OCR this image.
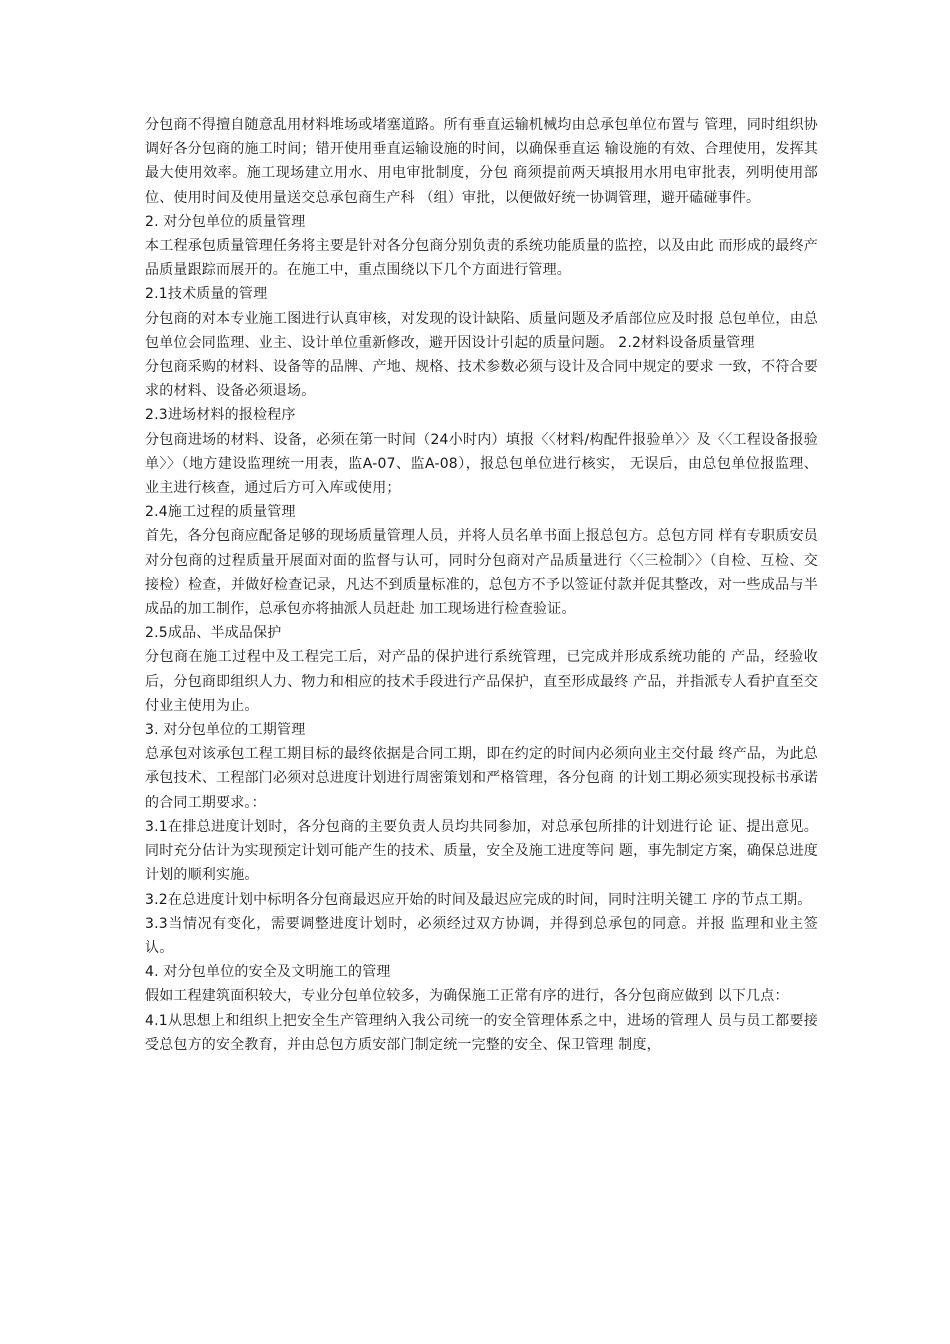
分包商不得擅自随意乱用材料堆场或堵塞道路。所有垂直运输机械均由总承包单位布置与 管理，同时组织协调好各分包商的施工时间；错开使用垂直运输设施的时间，以确保垂直运 输设施的有效、合理使用，发挥其最大使用效率。施工现场建立用水、用电审批制度，分包 商须提前两天填报用水用电审批表，列明使用部位、使用时间及使用量送交总承包商生产科 （组）审批，以便做好统一协调管理，避开磕碰事件。

2. 对分包单位的质量管理

本工程承包质量管理任务将主要是针对各分包商分别负责的系统功能质量的监控，以及由此 而形成的最终产品质量跟踪而展开的。在施工中，重点围绕以下几个方面进行管理。

2.1技术质量的管理

分包商的对本专业施工图进行认真审核，对发现的设计缺陷、质量问题及矛盾部位应及时报 总包单位，由总包单位会同监理、业主、设计单位重新修改，避开因设计引起的质量问题。 2.2材料设备质量管理

分包商采购的材料、设备等的品牌、产地、规格、技术参数必须与设计及合同中规定的要求 一致，不符合要求的材料、设备必须退场。

2.3进场材料的报检程序

分包商进场的材料、设备，必须在第一时间（24小时内）填报〈〈材料/构配件报验单〉〉及〈〈工程设备报验单〉〉（地方建设监理统一用表，监A-07、监A-08），报总包单位进行核实， 无误后，由总包单位报监理、业主进行核查，通过后方可入库或使用；

2.4施工过程的质量管理

首先，各分包商应配备足够的现场质量管理人员，并将人员名单书面上报总包方。总包方同 样有专职质安员对分包商的过程质量开展面对面的监督与认可，同时分包商对产品质量进行〈〈三检制〉〉（自检、互检、交接检）检查，并做好检查记录，凡达不到质量标准的，总包方不予以签证付款并促其整改，对一些成品与半成品的加工制作，总承包亦将抽派人员赶赴 加工现场进行检查验证。

2.5成品、半成品保护

分包商在施工过程中及工程完工后，对产品的保护进行系统管理，已完成并形成系统功能的 产品，经验收后，分包商即组织人力、物力和相应的技术手段进行产品保护，直至形成最终 产品，并指派专人看护直至交付业主使用为止。

3. 对分包单位的工期管理

总承包对该承包工程工期目标的最终依据是合同工期，即在约定的时间内必须向业主交付最 终产品，为此总承包技术、工程部门必须对总进度计划进行周密策划和严格管理，各分包商 的计划工期必须实现投标书承诺的合同工期要求。：

3.1在排总进度计划时，各分包商的主要负责人员均共同参加，对总承包所排的计划进行论 证、提出意见。同时充分估计为实现预定计划可能产生的技术、质量，安全及施工进度等问 题，事先制定方案，确保总进度计划的顺利实施。

3.2在总进度计划中标明各分包商最迟应开始的时间及最迟应完成的时间，同时注明关键工 序的节点工期。

3.3当情况有变化，需要调整进度计划时，必须经过双方协调，并得到总承包的同意。并报 监理和业主签认。

4. 对分包单位的安全及文明施工的管理

假如工程建筑面积较大，专业分包单位较多，为确保施工正常有序的进行，各分包商应做到 以下几点：

4.1从思想上和组织上把安全生产管理纳入我公司统一的安全管理体系之中，进场的管理人 员与员工都要接受总包方的安全教育，并由总包方质安部门制定统一完整的安全、保卫管理 制度，
